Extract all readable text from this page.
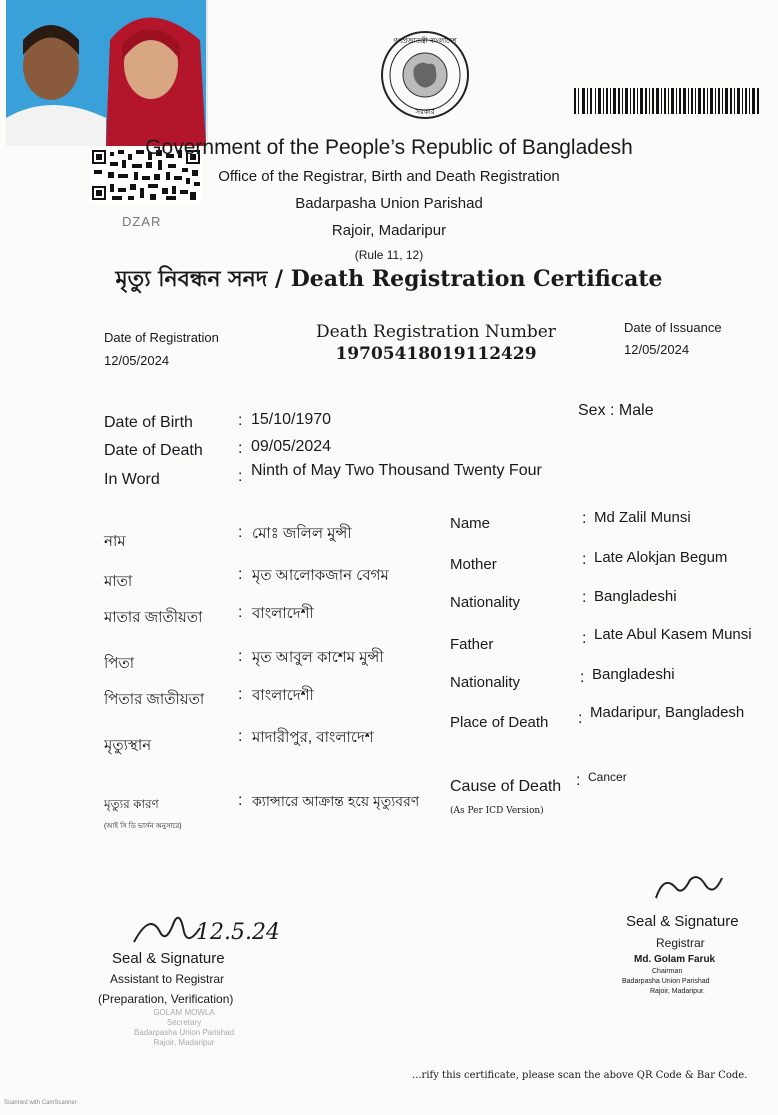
DZAR
গণপ্রজাতন্ত্রী বাংলাদেশ
সরকার
Government of the People’s Republic of Bangladesh
Office of the Registrar, Birth and Death Registration
Badarpasha Union Parishad
Rajoir, Madaripur
(Rule 11, 12)
মৃত্যু নিবন্ধন সনদ / Death Registration Certificate
Date of Registration
12/05/2024
Death Registration Number
19705418019112429
Date of Issuance
12/05/2024
Date of Birth	: 15/10/1970
Date of Death : 09/05/2024
In Word	: Ninth of May Two Thousand Twenty Four
Sex : Male
নাম
: মোঃ জলিল মুন্সী
মাতা	: মৃত আলোকজান বেগম
মাতার জাতীয়তা : বাংলাদেশী
পিতা	: মৃত আবুল কাশেম মুন্সী
পিতার জাতীয়তা : বাংলাদেশী
মৃত্যুস্থান
: মাদারীপুর, বাংলাদেশ
মৃত্যুর কারণ
(আই সি ডি ভার্সন অনুসারে)
: ক্যান্সারে আক্রান্ত হয়ে মৃত্যুবরণ
Name	: Md Zalil Munsi
Mother	: Late Alokjan Begum
Nationality	: Bangladeshi
Father	: Late Abul Kasem Munsi
Nationality	: Bangladeshi
Place of Death : Madaripur, Bangladesh
Cause of Death : Cancer
(As Per ICD Version)
12.5.24
Seal & Signature
Assistant to Registrar
(Preparation, Verification)
GOLAM MOWLA
Secretary
Badarpasha Union Parishad
Rajoir, Madaripur
Seal & Signature
Registrar
Md. Golam Faruk
Chairman
Badarpasha Union Parishad
Rajoir, Madaripur.
...rify this certificate, please scan the above QR Code & Bar Code.
Scanned with CamScanner
